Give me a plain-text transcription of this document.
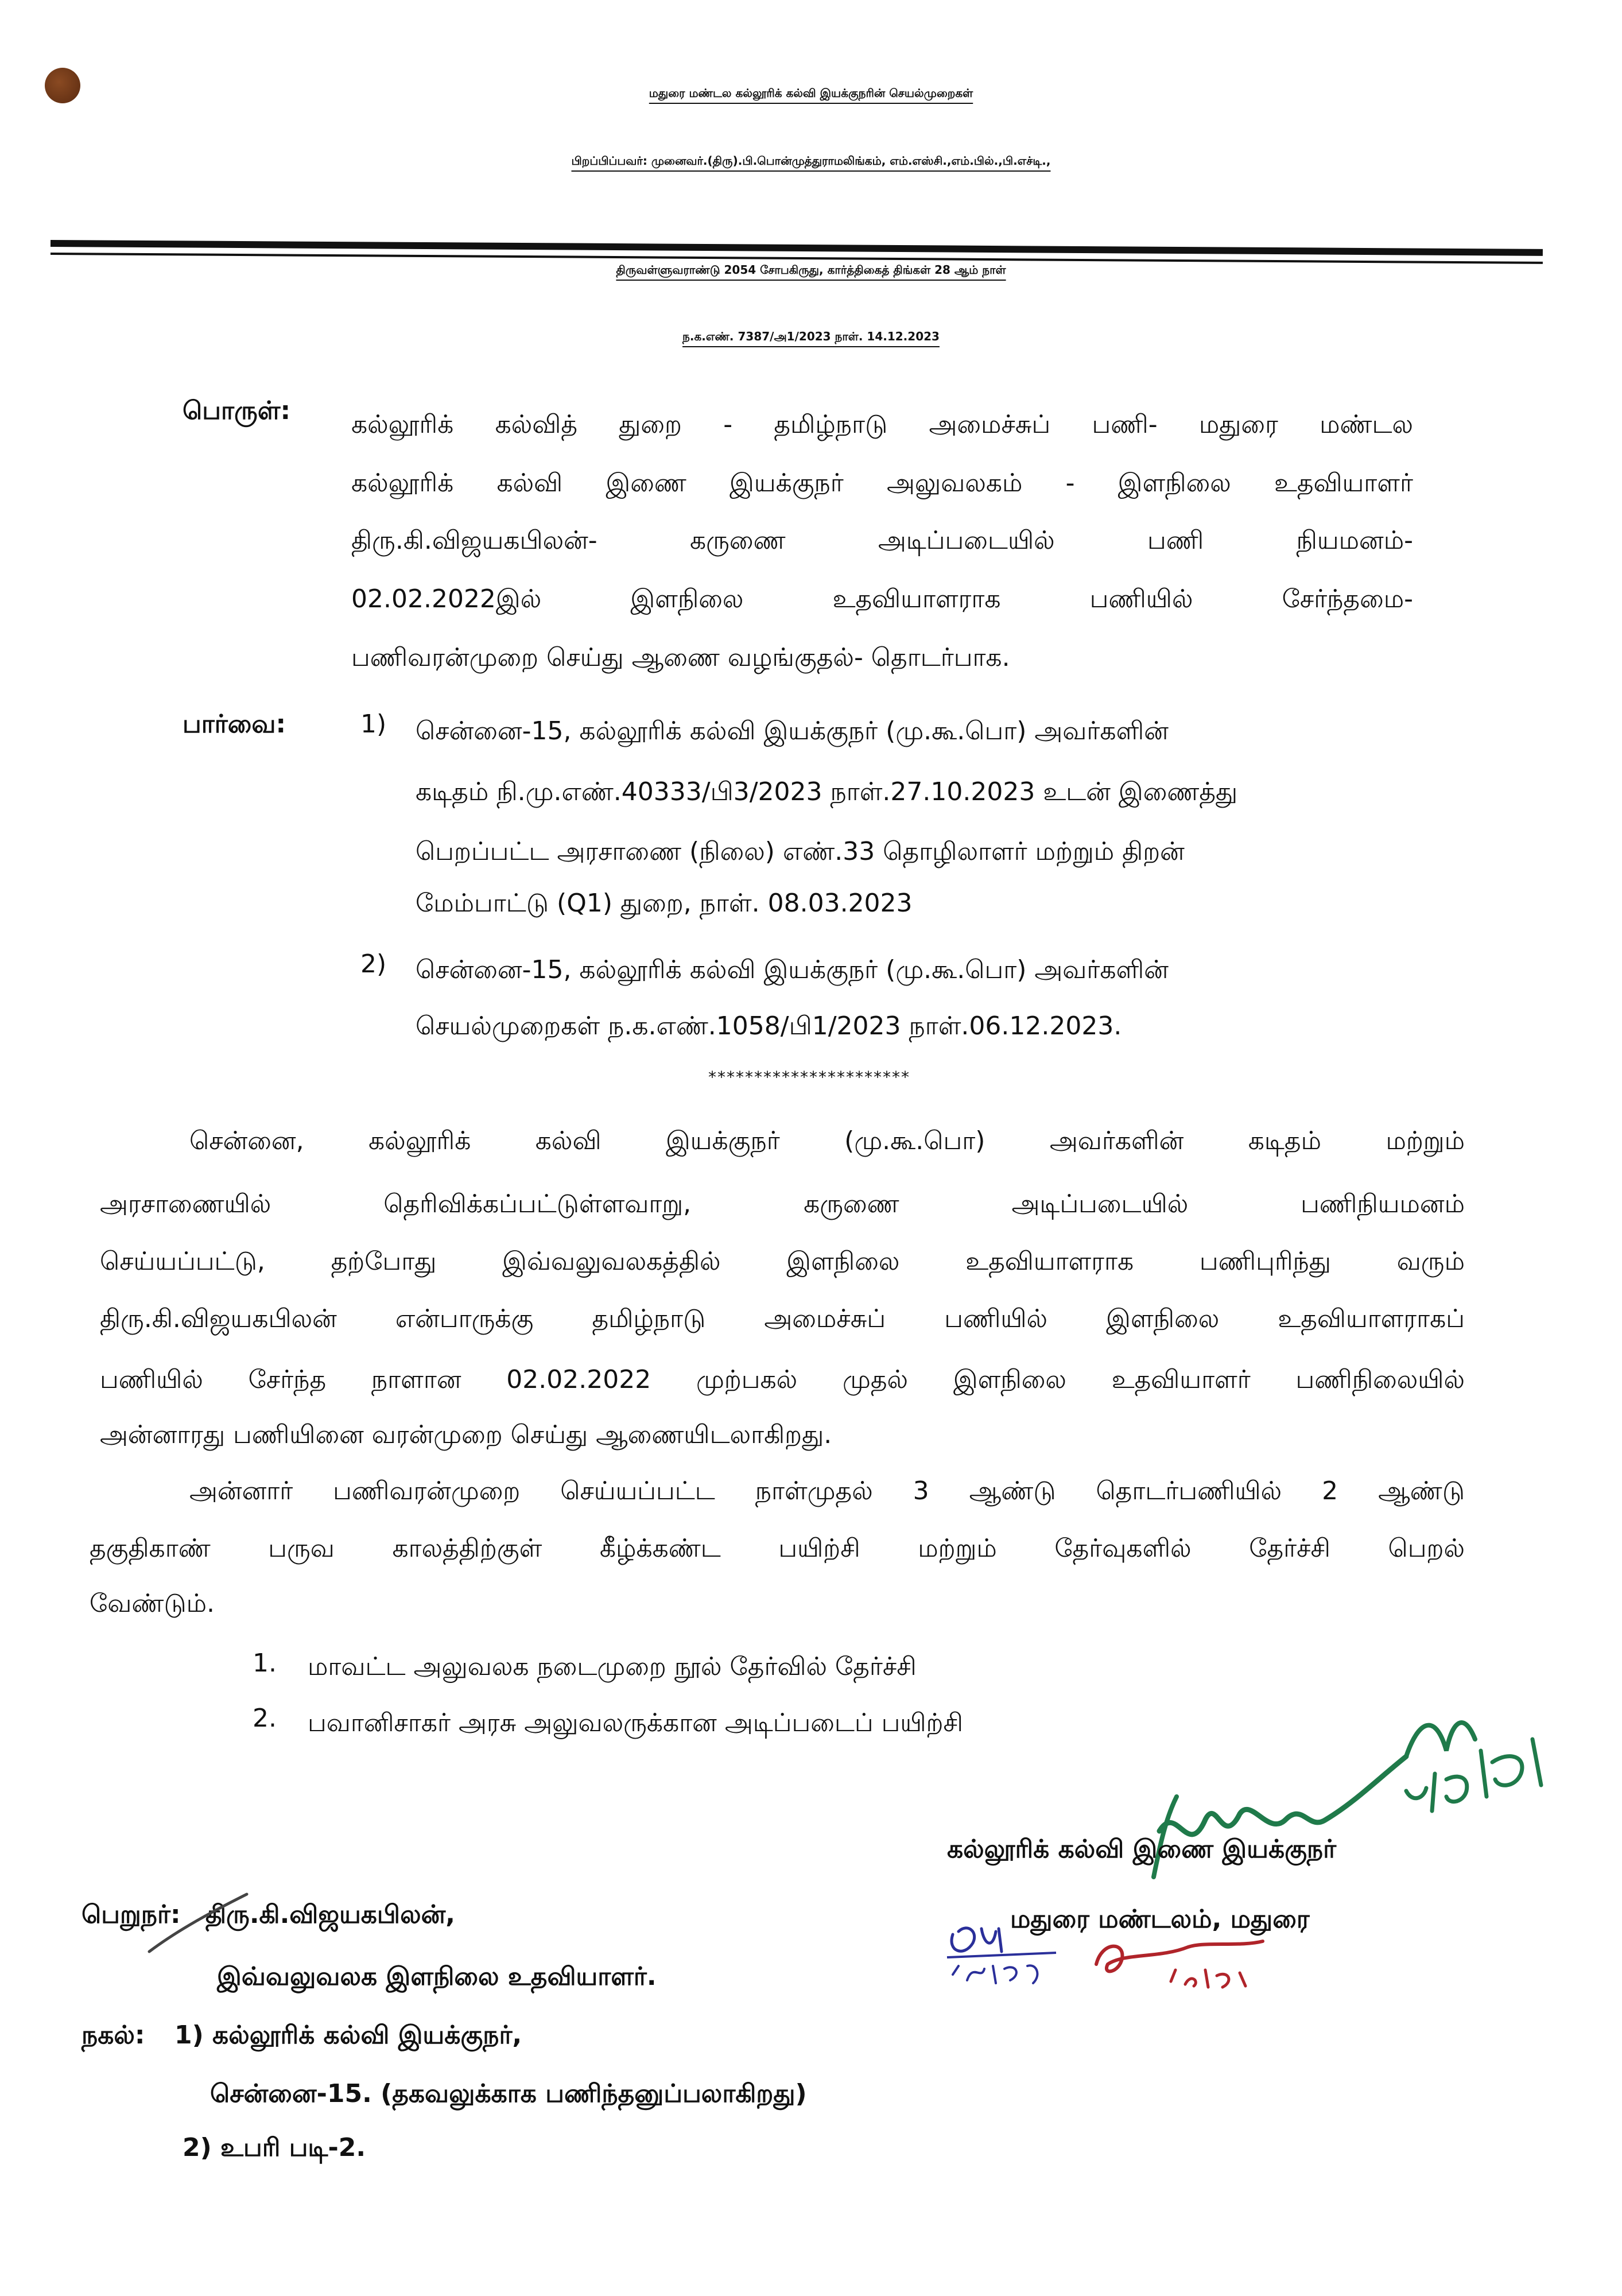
மதுரை மண்டல கல்லூரிக் கல்வி இயக்குநரின் செயல்முறைகள்
பிறப்பிப்பவர்: முனைவர்.(திரு).பி.பொன்முத்துராமலிங்கம், எம்.எஸ்சி.,எம்.பில்.,பி.எச்டி.,
திருவள்ளுவராண்டு 2054 சோபகிருது, கார்த்திகைத் திங்கள் 28 ஆம் நாள்
ந.க.எண். 7387/அ1/2023 நாள். 14.12.2023
பொருள்: கல்லூரிக் கல்வித் துறை - தமிழ்நாடு அமைச்சுப் பணி- மதுரை மண்டல
கல்லூரிக் கல்வி இணை இயக்குநர் அலுவலகம் - இளநிலை உதவியாளர்
திரு.கி.விஜயகபிலன்- கருணை அடிப்படையில் பணி நியமனம்-
02.02.2022இல் இளநிலை உதவியாளராக பணியில் சேர்ந்தமை-
பணிவரன்முறை செய்து ஆணை வழங்குதல்- தொடர்பாக.
பார்வை:	1) சென்னை-15, கல்லூரிக் கல்வி இயக்குநர் (மு.கூ.பொ) அவர்களின்
கடிதம் நி.மு.எண்.40333/பி3/2023 நாள்.27.10.2023 உடன் இணைத்து
பெறப்பட்ட அரசாணை (நிலை) எண்.33 தொழிலாளர் மற்றும் திறன்
மேம்பாட்டு (Q1) துறை, நாள். 08.03.2023
2) சென்னை-15, கல்லூரிக் கல்வி இயக்குநர் (மு.கூ.பொ) அவர்களின்
செயல்முறைகள் ந.க.எண்.1058/பி1/2023 நாள்.06.12.2023.
**********************
சென்னை, கல்லூரிக் கல்வி இயக்குநர் (மு.கூ.பொ) அவர்களின் கடிதம் மற்றும்
அரசாணையில் தெரிவிக்கப்பட்டுள்ளவாறு, கருணை அடிப்படையில் பணிநியமனம்
செய்யப்பட்டு, தற்போது இவ்வலுவலகத்தில் இளநிலை உதவியாளராக பணிபுரிந்து வரும்
திரு.கி.விஜயகபிலன் என்பாருக்கு தமிழ்நாடு அமைச்சுப் பணியில் இளநிலை உதவியாளராகப்
பணியில் சேர்ந்த நாளான 02.02.2022 முற்பகல் முதல் இளநிலை உதவியாளர் பணிநிலையில்
அன்னாரது பணியினை வரன்முறை செய்து ஆணையிடலாகிறது.
அன்னார் பணிவரன்முறை செய்யப்பட்ட நாள்முதல் 3 ஆண்டு தொடர்பணியில் 2 ஆண்டு
தகுதிகாண் பருவ காலத்திற்குள் கீழ்க்கண்ட பயிற்சி மற்றும் தேர்வுகளில் தேர்ச்சி பெறல்
வேண்டும்.
1. மாவட்ட அலுவலக நடைமுறை நூல் தேர்வில் தேர்ச்சி
2. பவானிசாகர் அரசு அலுவலருக்கான அடிப்படைப் பயிற்சி
கல்லூரிக் கல்வி இணை இயக்குநர்
மதுரை மண்டலம், மதுரை
பெறுநர்: திரு.கி.விஜயகபிலன்,
இவ்வலுவலக இளநிலை உதவியாளர்.
நகல்: 1) கல்லூரிக் கல்வி இயக்குநர்,
சென்னை-15. (தகவலுக்காக பணிந்தனுப்பலாகிறது)
2) உபரி படி-2.
